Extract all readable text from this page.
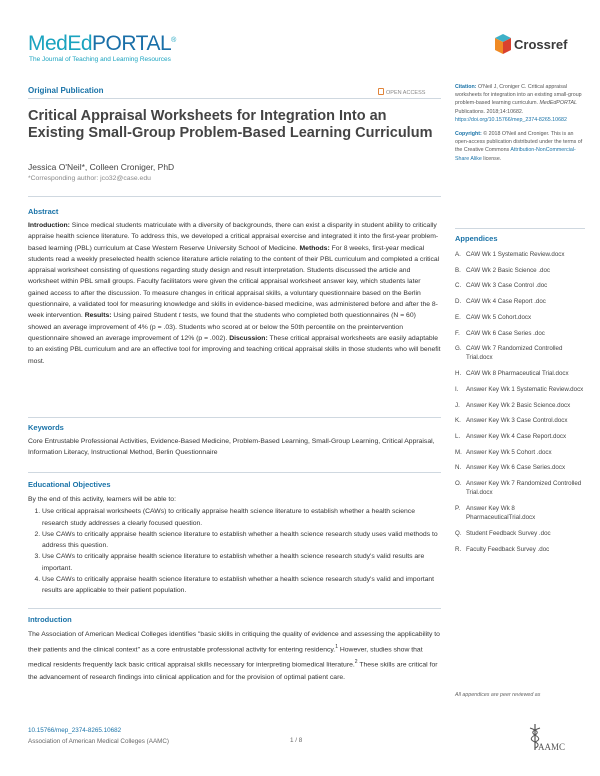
MedEdPORTAL®
The Journal of Teaching and Learning Resources
Crossref
Original Publication	OPEN ACCESS
Critical Appraisal Worksheets for Integration Into an Existing Small-Group Problem-Based Learning Curriculum
Jessica O'Neil*, Colleen Croniger, PhD
*Corresponding author: jco32@case.edu
Abstract
Introduction: Since medical students matriculate with a diversity of backgrounds, there can exist a disparity in student ability to critically appraise health science literature. To address this, we developed a critical appraisal exercise and integrated it into the first-year problem-based learning (PBL) curriculum at Case Western Reserve University School of Medicine. Methods: For 8 weeks, first-year medical students read a weekly preselected health science literature article relating to the content of their PBL curriculum and completed a critical appraisal worksheet consisting of questions regarding study design and result interpretation. Students discussed the article and worksheet within PBL small groups. Faculty facilitators were given the critical appraisal worksheet answer key, which students later gained access to after the discussion. To measure changes in critical appraisal skills, a voluntary questionnaire based on the Berlin questionnaire, a validated tool for measuring knowledge and skills in evidence-based medicine, was administered before and after the 8-week intervention. Results: Using paired Student t tests, we found that the students who completed both questionnaires (N = 60) showed an average improvement of 4% (p = .03). Students who scored at or below the 50th percentile on the preintervention questionnaire showed an average improvement of 12% (p = .002). Discussion: These critical appraisal worksheets are easily adaptable to an existing PBL curriculum and are an effective tool for improving and teaching critical appraisal skills in those students who will benefit most.
Keywords
Core Entrustable Professional Activities, Evidence-Based Medicine, Problem-Based Learning, Small-Group Learning, Critical Appraisal, Information Literacy, Instructional Method, Berlin Questionnaire
Educational Objectives

By the end of this activity, learners will be able to:

1. Use critical appraisal worksheets (CAWs) to critically appraise health science literature to establish whether a health science research study addresses a clearly focused question.
2. Use CAWs to critically appraise health science literature to establish whether a health science research study uses valid methods to address this question.
3. Use CAWs to critically appraise health science literature to establish whether a health science research study's valid results are important.
4. Use CAWs to critically appraise health science literature to establish whether a health science research study's valid and important results are applicable to their patient population.
Introduction
The Association of American Medical Colleges identifies "basic skills in critiquing the quality of evidence and assessing the applicability to their patients and the clinical context" as a core entrustable professional activity for entering residency.$^1$ However, studies show that medical residents frequently lack basic critical appraisal skills necessary for interpreting biomedical literature.$^2$ These skills are critical for the advancement of research findings into clinical application and for the provision of optimal patient care.
Citation: O'Neil J, Croniger C. Critical appraisal worksheets for integration into an existing small-group problem-based learning curriculum. MedEdPORTAL Publications. 2018;14:10682. https://doi.org/10.15766/mep_2374-8265.10682
Copyright: © 2018 O'Neil and Croniger. This is an open-access publication distributed under the terms of the Creative Commons Attribution-NonCommercial-Share Alike license.
Appendices
A. CAW Wk 1 Systematic Review.docx
B. CAW Wk 2 Basic Science .doc
C. CAW Wk 3 Case Control .doc
D. CAW Wk 4 Case Report .doc
E. CAW Wk 5 Cohort.docx
F. CAW Wk 6 Case Series .doc
G. CAW Wk 7 Randomized Controlled Trial.docx
H. CAW Wk 8 Pharmaceutical Trial.docx
I.	Answer Key Wk 1 Systematic Review.docx
J. Answer Key Wk 2 Basic Science.docx
K. Answer Key Wk 3 Case Control.docx
L. Answer Key Wk 4 Case Report.docx
M. Answer Key Wk 5 Cohort .docx
N. Answer Key Wk 6 Case Series.docx
O. Answer Key Wk 7 Randomized Controlled Trial.docx
P. Answer Key Wk 8 PharmaceuticalTrial.docx
Q. Student Feedback Survey .doc
R. Faculty Feedback Survey .doc
All appendices are peer reviewed as
10.15766/mep_2374-8265.10682
Association of American Medical Colleges (AAMC)	1 / 8
AAMC
